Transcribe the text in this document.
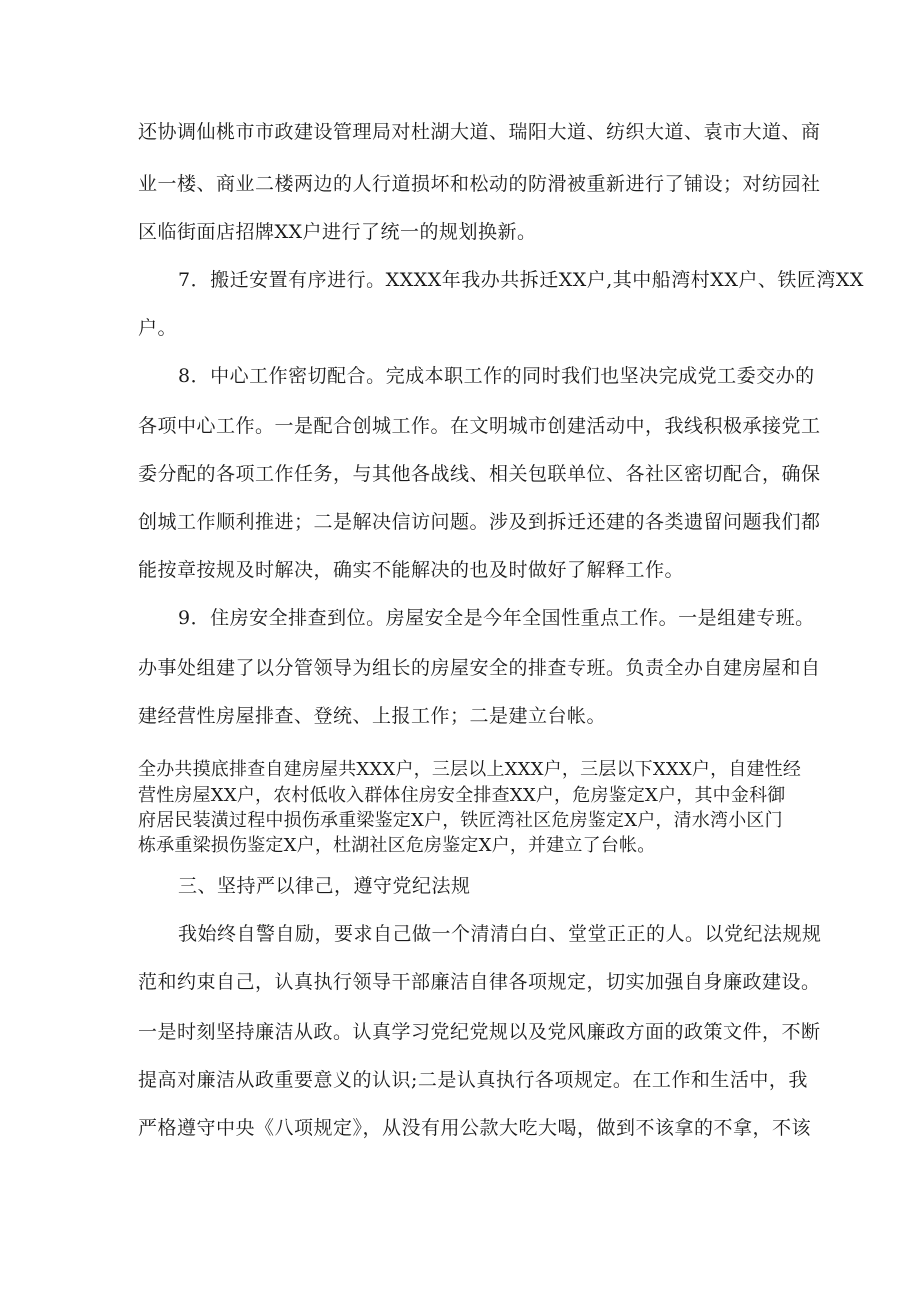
还协调仙桃市市政建设管理局对杜湖大道、瑞阳大道、纺织大道、袁市大道、商
业一楼、商业二楼两边的人行道损坏和松动的防滑被重新进行了铺设；对纺园社
区临街面店招牌XX户进行了统一的规划换新。
7．搬迁安置有序进行。XXXX年我办共拆迁XX户,其中船湾村XX户、铁匠湾XX
户。
8．中心工作密切配合。完成本职工作的同时我们也坚决完成党工委交办的
各项中心工作。一是配合创城工作。在文明城市创建活动中，我线积极承接党工
委分配的各项工作任务，与其他各战线、相关包联单位、各社区密切配合，确保
创城工作顺利推进；二是解决信访问题。涉及到拆迁还建的各类遗留问题我们都
能按章按规及时解决，确实不能解决的也及时做好了解释工作。
9．住房安全排查到位。房屋安全是今年全国性重点工作。一是组建专班。
办事处组建了以分管领导为组长的房屋安全的排查专班。负责全办自建房屋和自
建经营性房屋排查、登统、上报工作；二是建立台帐。
全办共摸底排查自建房屋共XXX户，三层以上XXX户，三层以下XXX户，自建性经
营性房屋XX户，农村低收入群体住房安全排查XX户，危房鉴定X户，其中金科御
府居民装潢过程中损伤承重梁鉴定X户，铁匠湾社区危房鉴定X户，清水湾小区门
栋承重梁损伤鉴定X户，杜湖社区危房鉴定X户，并建立了台帐。
三、坚持严以律己，遵守党纪法规
我始终自警自励，要求自己做一个清清白白、堂堂正正的人。以党纪法规规
范和约束自己，认真执行领导干部廉洁自律各项规定，切实加强自身廉政建设。
一是时刻坚持廉洁从政。认真学习党纪党规以及党风廉政方面的政策文件，不断
提高对廉洁从政重要意义的认识;二是认真执行各项规定。在工作和生活中，我
严格遵守中央《八项规定》，从没有用公款大吃大喝，做到不该拿的不拿，不该
